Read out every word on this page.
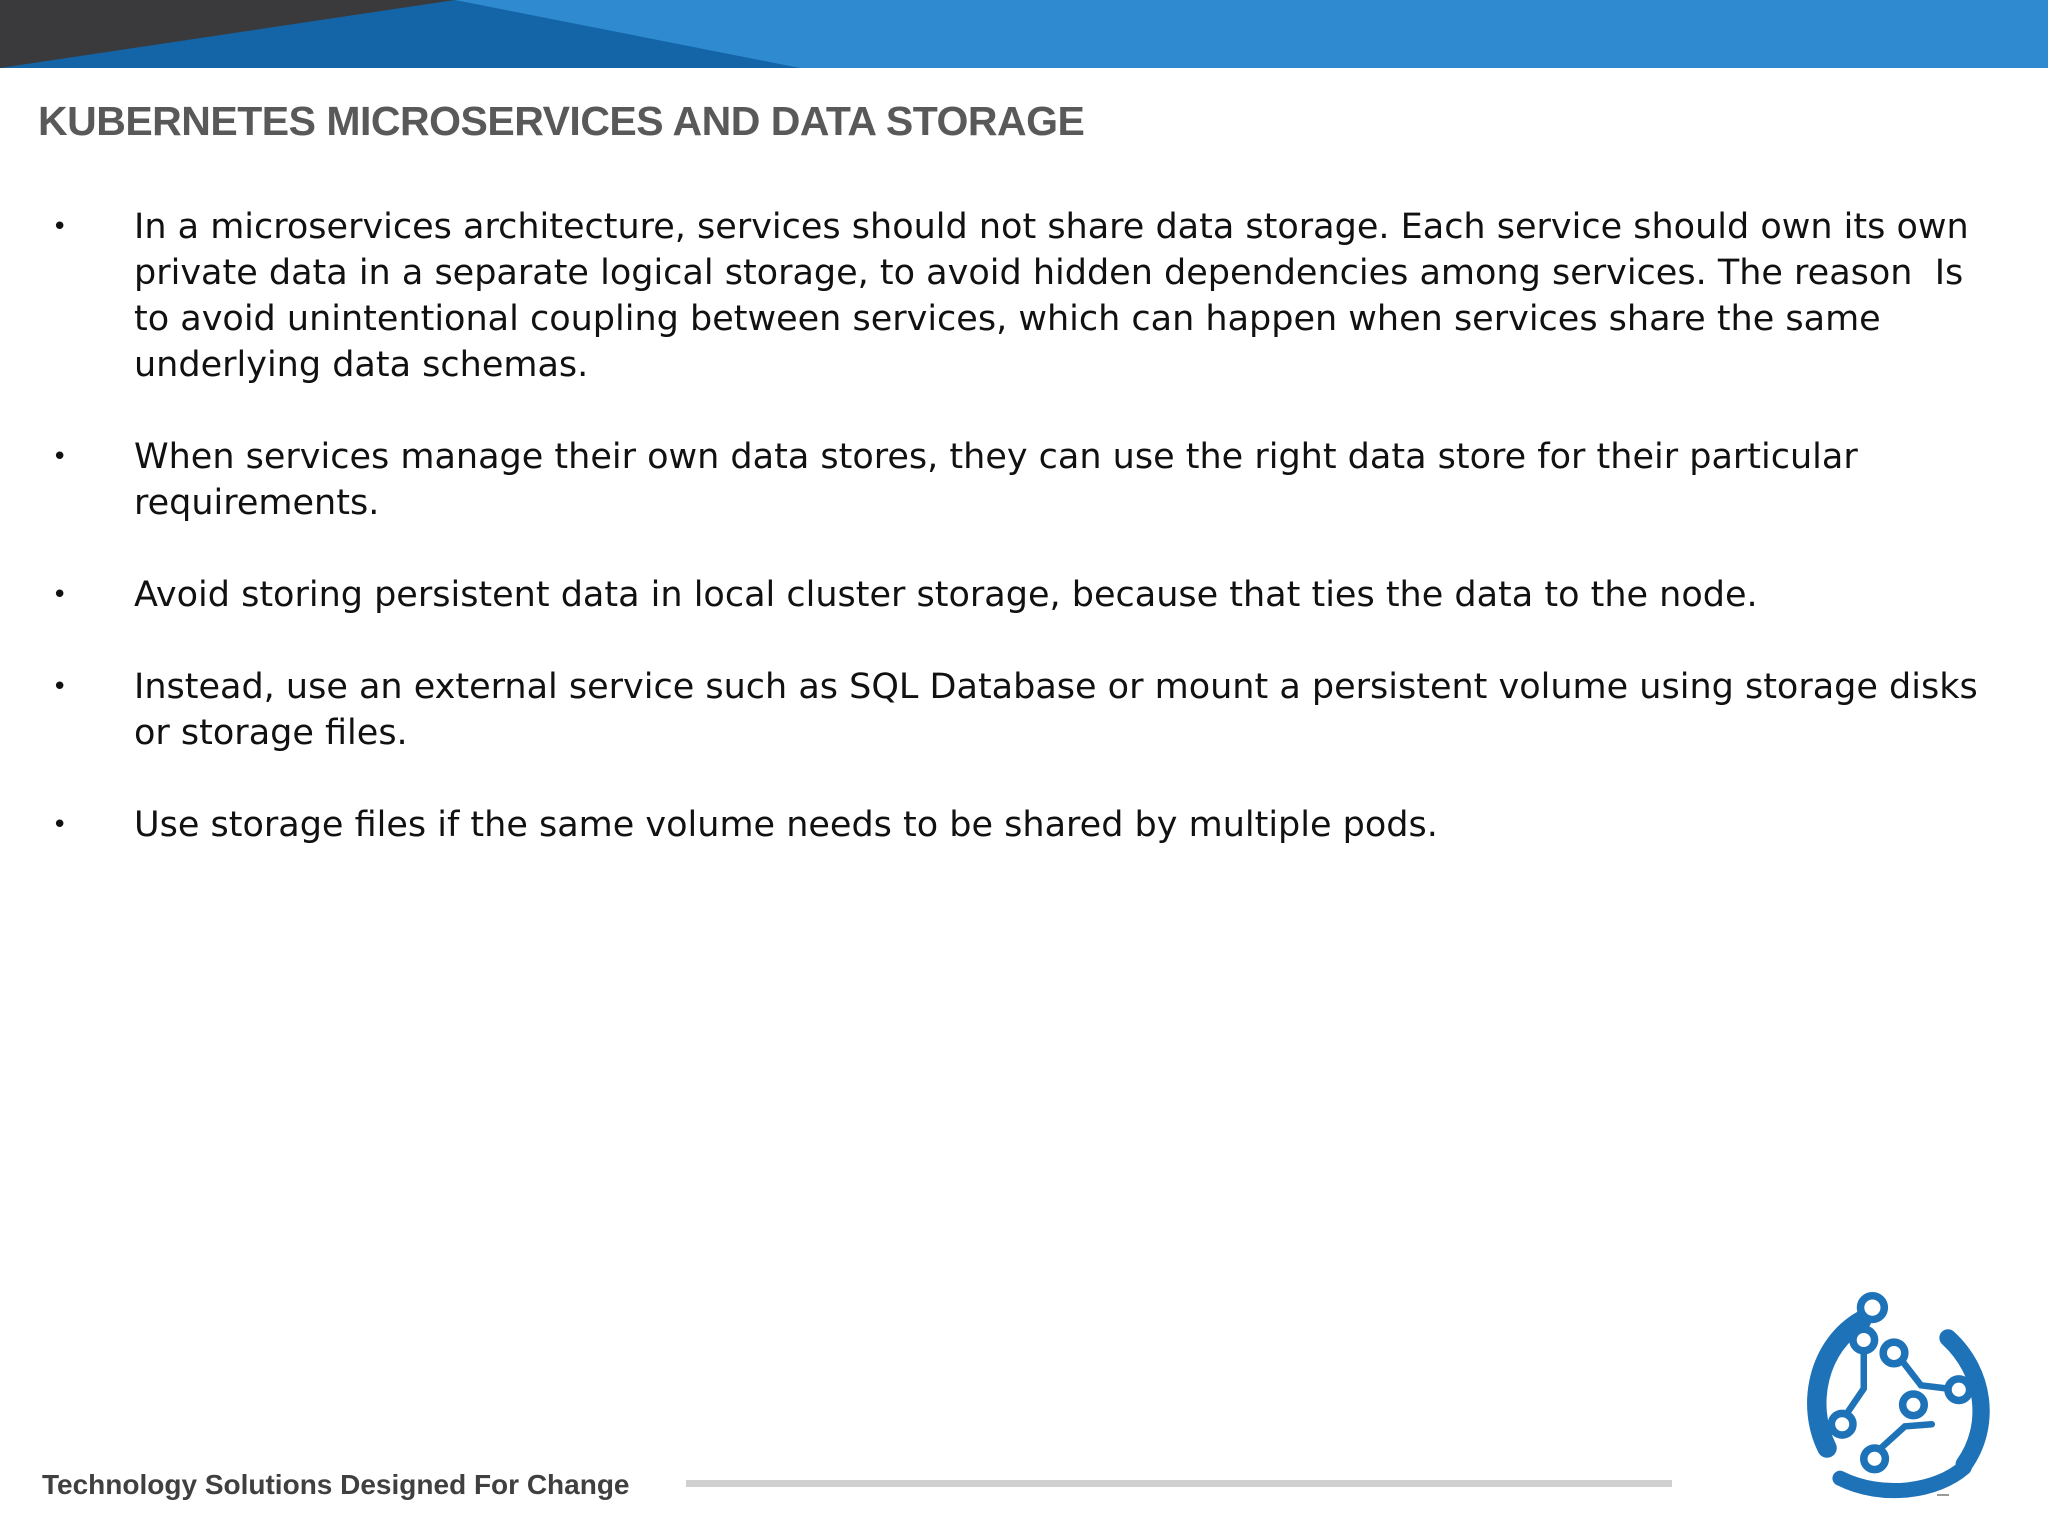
KUBERNETES MICROSERVICES AND DATA STORAGE
•	In a microservices architecture, services should not share data storage. Each service should own its own private data in a separate logical storage, to avoid hidden dependencies among services. The reason  Is to avoid unintentional coupling between services, which can happen when services share the same underlying data schemas.
•	When services manage their own data stores, they can use the right data store for their particular requirements.
•	Avoid storing persistent data in local cluster storage, because that ties the data to the node.
•	Instead, use an external service such as SQL Database or mount a persistent volume using storage disks or storage files.
•	Use storage files if the same volume needs to be shared by multiple pods.
Technology Solutions Designed For Change
